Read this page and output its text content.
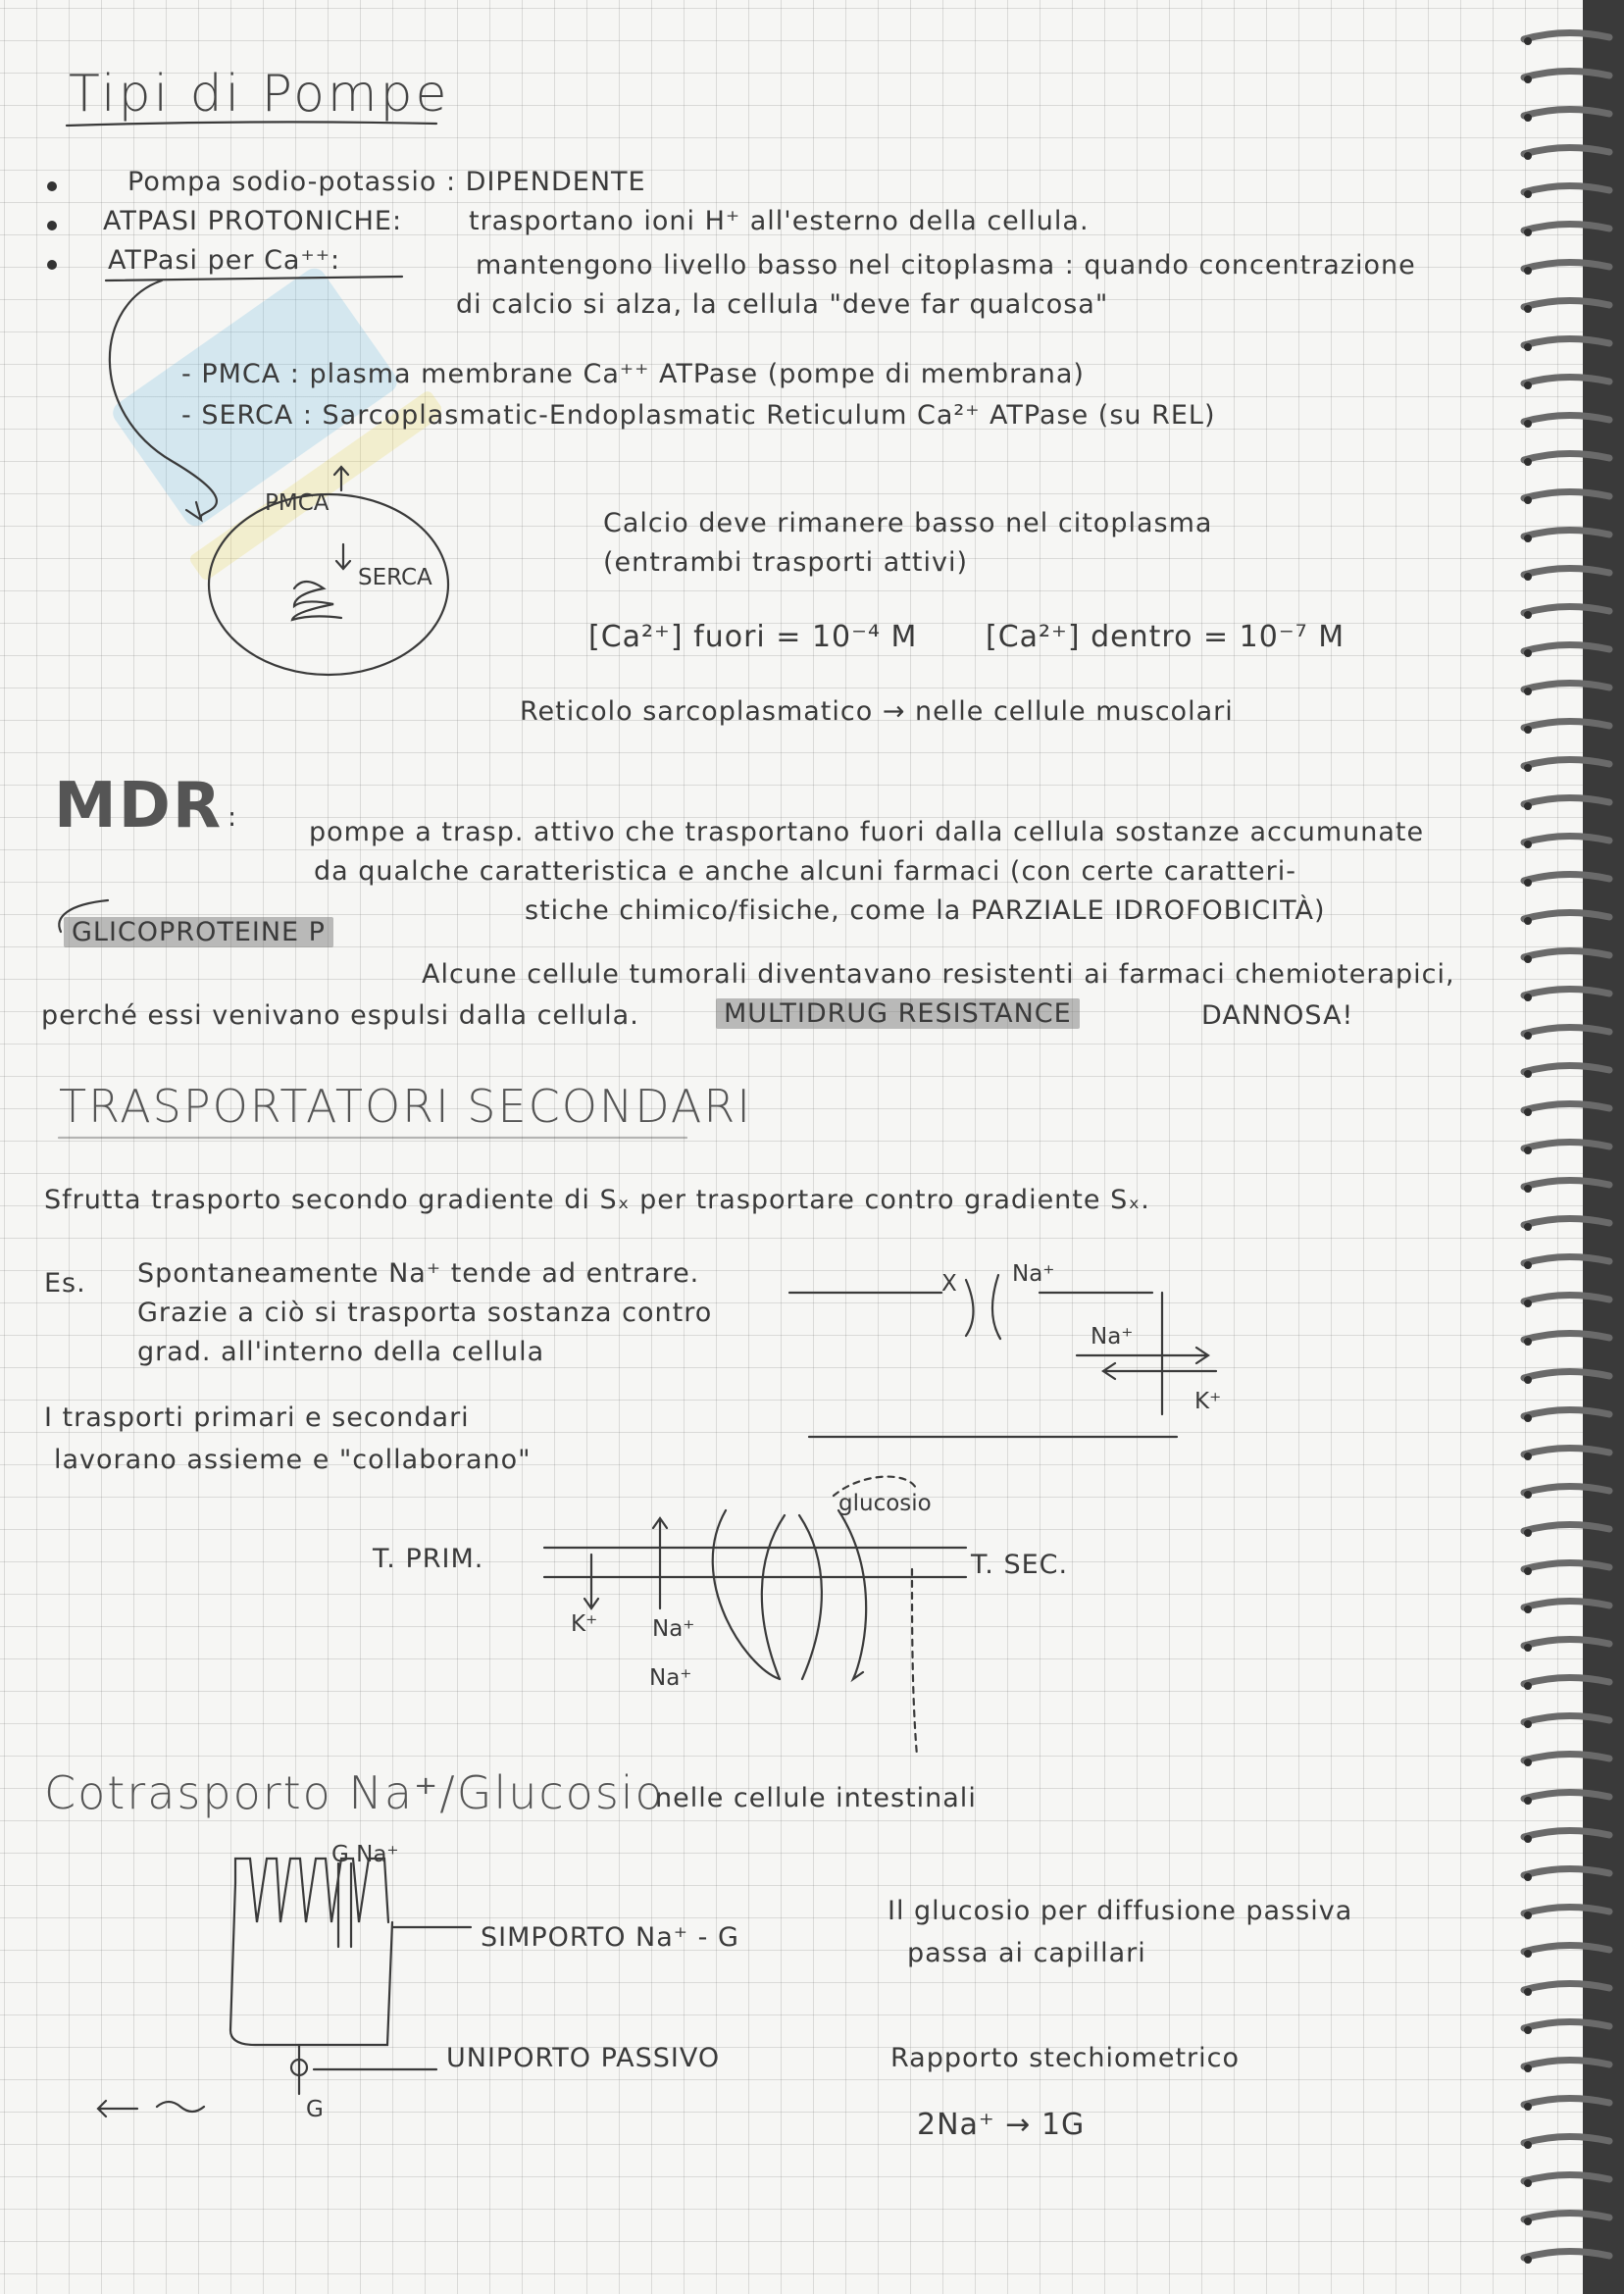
Tipi di Pompe
Pompa sodio-potassio : DIPENDENTE
ATPASI PROTONICHE:	trasportano ioni H⁺ all'esterno della cellula.
ATPasi per Ca⁺⁺:	mantengono livello basso nel citoplasma : quando concentrazione
di calcio si alza, la cellula "deve far qualcosa"
- PMCA : plasma membrane Ca⁺⁺ ATPase (pompe di membrana)
- SERCA : Sarcoplasmatic-Endoplasmatic Reticulum Ca²⁺ ATPase (su REL)
PMCA
SERCA
Calcio deve rimanere basso nel citoplasma
(entrambi trasporti attivi)
[Ca²⁺] fuori = 10⁻⁴ M [Ca²⁺] dentro = 10⁻⁷ M
Reticolo sarcoplasmatico → nelle cellule muscolari
MDR :	pompe a trasp. attivo che trasportano fuori dalla cellula sostanze accumunate
da qualche caratteristica e anche alcuni farmaci (con certe caratteri-
stiche chimico/fisiche, come la PARZIALE IDROFOBICITÀ)
GLICOPROTEINE P
Alcune cellule tumorali diventavano resistenti ai farmaci chemioterapici,
perché essi venivano espulsi dalla cellula.	MULTIDRUG RESISTANCE	DANNOSA!
TRASPORTATORI SECONDARI
Sfrutta trasporto secondo gradiente di Sₓ per trasportare contro gradiente Sₓ.
Es. Spontaneamente Na⁺ tende ad entrare.
Grazie a ciò si trasporta sostanza contro
grad. all'interno della cellula
X Na⁺
Na⁺
K⁺
I trasporti primari e secondari
lavorano assieme e "collaborano"
T. PRIM.	T. SEC.
glucosio
K⁺ Na⁺
Na⁺
Cotrasporto Na⁺/Glucosio
nelle cellule intestinali
G Na⁺
SIMPORTO Na⁺ - G
UNIPORTO PASSIVO
G
Il glucosio per diffusione passiva
passa ai capillari
Rapporto stechiometrico
2Na⁺ → 1G
